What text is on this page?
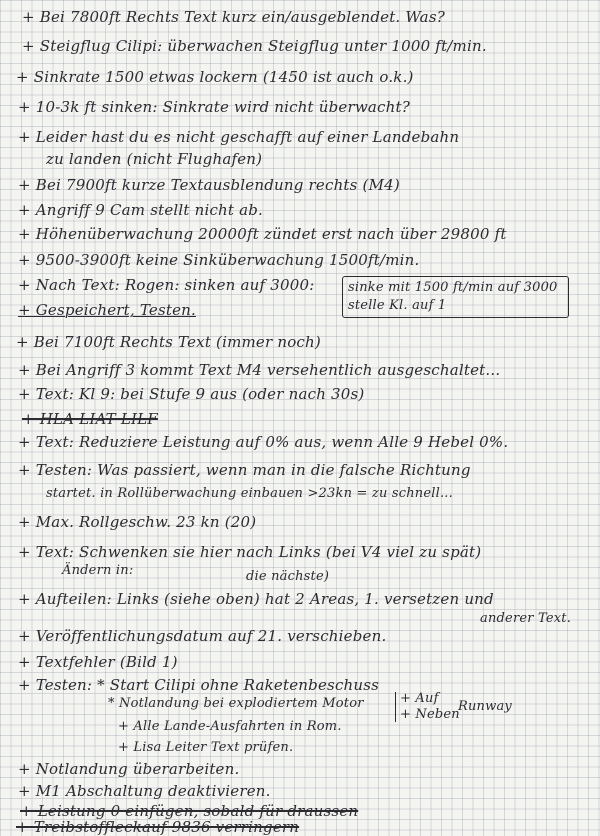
+ Bei 7800ft Rechts Text kurz ein/ausgeblendet. Was?
+ Steigflug Cilipi: überwachen Steigflug unter 1000 ft/min.
+ Sinkrate 1500 etwas lockern (1450 ist auch o.k.)
+ 10-3k ft sinken: Sinkrate wird nicht überwacht?
+ Leider hast du es nicht geschafft auf einer Landebahn
zu landen (nicht Flughafen)
+ Bei 7900ft kurze Textausblendung rechts (M4)
+ Angriff 9 Cam stellt nicht ab.
+ Höhenüberwachung 20000ft zündet erst nach über 29800 ft
+ 9500-3900ft keine Sinküberwachung 1500ft/min.
+ Nach Text: Rogen: sinken auf 3000:	sinke mit 1500 ft/min auf 3000
stelle Kl. auf 1
+ Gespeichert, Testen.
+ Bei 7100ft Rechts Text (immer noch)
+ Bei Angriff 3 kommt Text M4 versehentlich ausgeschaltet...
+ Text: Kl 9: bei Stufe 9 aus (oder nach 30s)
+ HLA LIAT LILF
+ Text: Reduziere Leistung auf 0% aus, wenn Alle 9 Hebel 0%.
+ Testen: Was passiert, wenn man in die falsche Richtung
startet. in Rollüberwachung einbauen >23kn = zu schnell...
+ Max. Rollgeschw. 23 kn (20)
+ Text: Schwenken sie hier nach Links (bei V4 viel zu spät)
Ändern in:	die nächste)
+ Aufteilen: Links (siehe oben) hat 2 Areas, 1. versetzen und
anderer Text.
+ Veröffentlichungsdatum auf 21. verschieben.
+ Textfehler (Bild 1)
+ Testen: * Start Cilipi ohne Raketenbeschuss
* Notlandung bei explodiertem Motor	+ Auf
+ Neben
Runway
+ Alle Lande-Ausfahrten in Rom.
+ Lisa Leiter Text prüfen.
+ Notlandung überarbeiten.
+ M1 Abschaltung deaktivieren.
+ Leistung 0 einfügen, sobald für draussen
+ Treibstoffleckauf 9836 verringern
